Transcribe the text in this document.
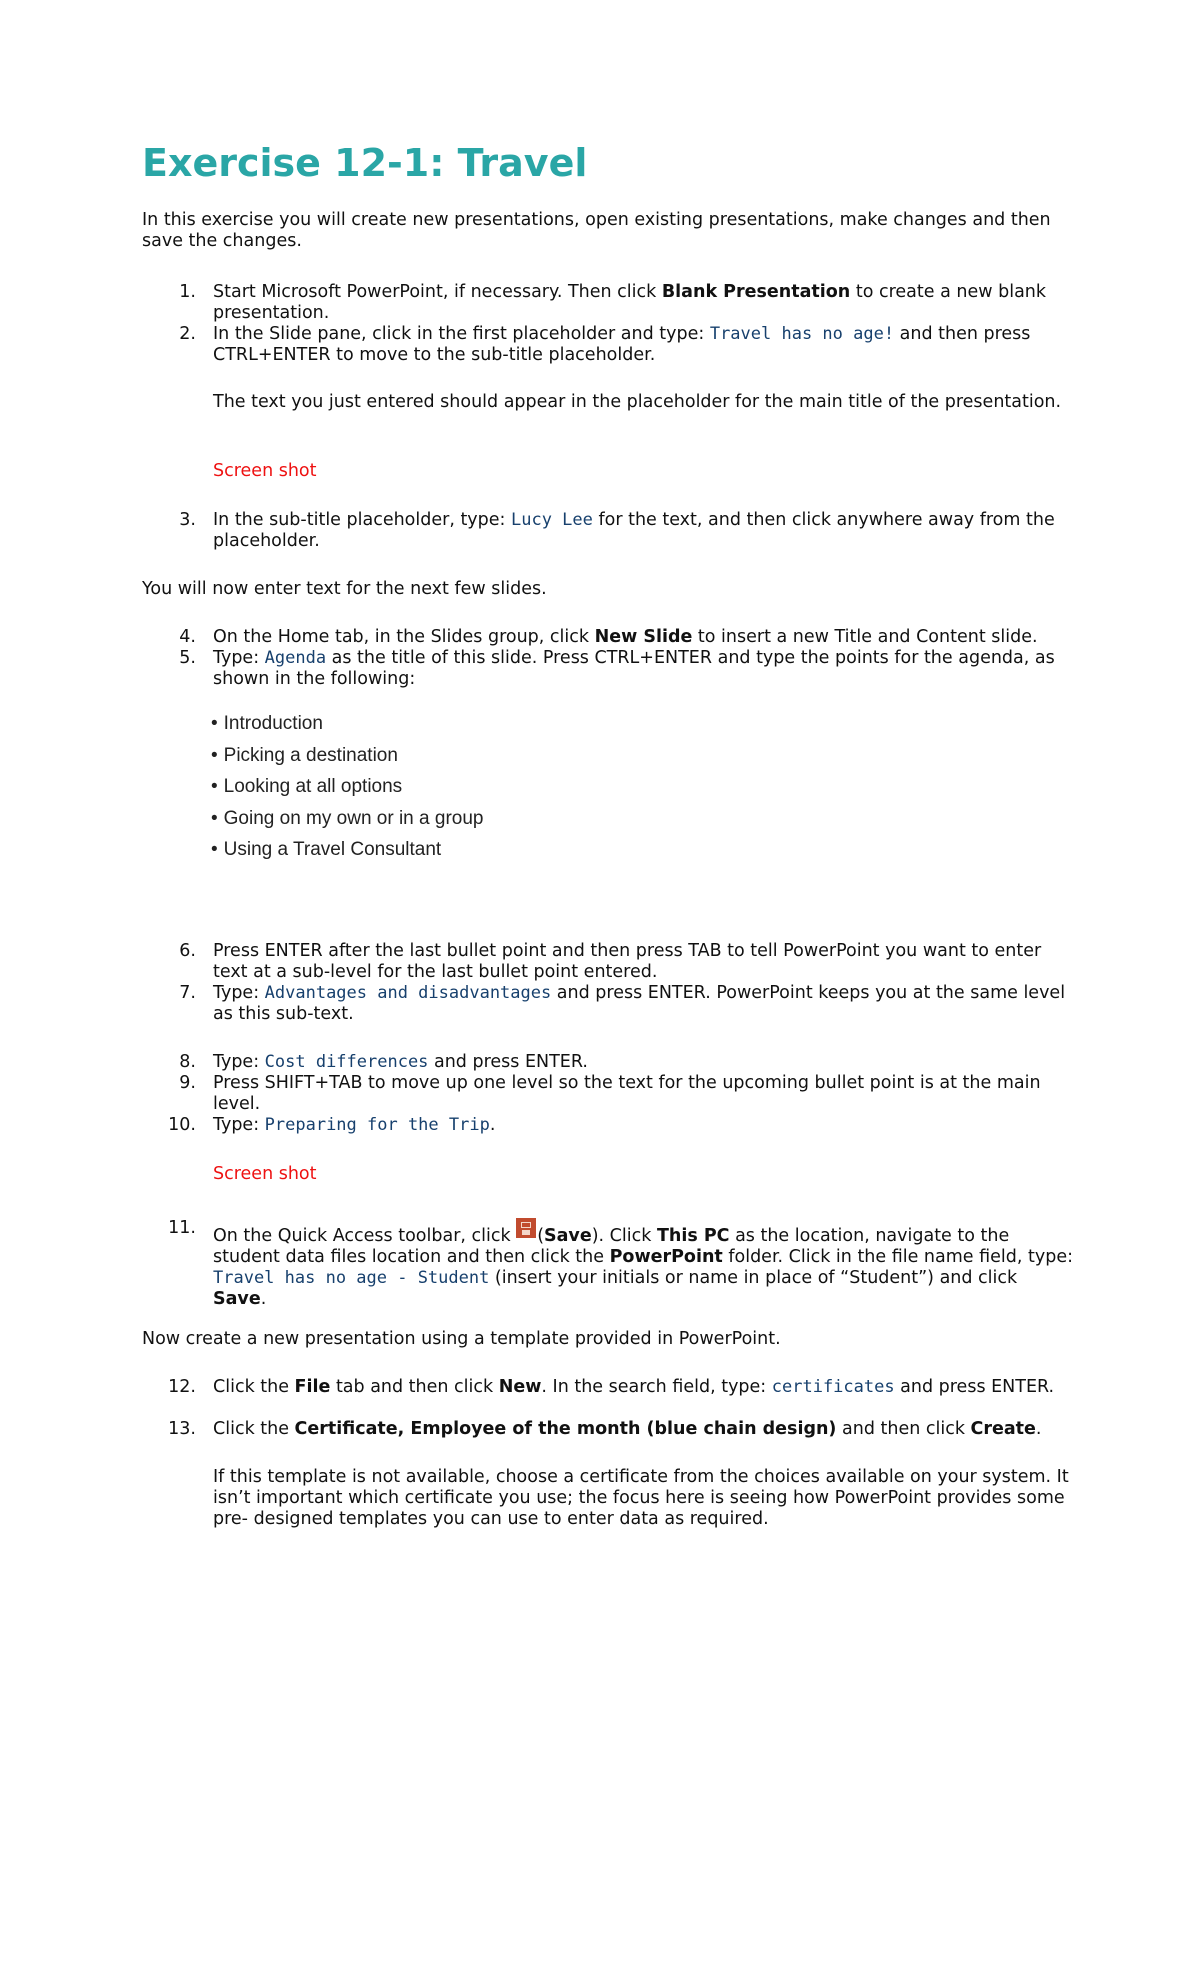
Exercise 12-1: Travel

In this exercise you will create new presentations, open existing presentations, make changes and then save the changes.

1. Start Microsoft PowerPoint, if necessary. Then click Blank Presentation to create a new blank presentation.
2. In the Slide pane, click in the first placeholder and type: Travel has no age! and then press CTRL+ENTER to move to the sub-title placeholder.

The text you just entered should appear in the placeholder for the main title of the presentation.

Screen shot

3. In the sub-title placeholder, type: Lucy Lee for the text, and then click anywhere away from the placeholder.

You will now enter text for the next few slides.

4. On the Home tab, in the Slides group, click New Slide to insert a new Title and Content slide.
5. Type: Agenda as the title of this slide. Press CTRL+ENTER and type the points for the agenda, as shown in the following:
• Introduction
• Picking a destination
• Looking at all options
• Going on my own or in a group
• Using a Travel Consultant
6. Press ENTER after the last bullet point and then press TAB to tell PowerPoint you want to enter text at a sub-level for the last bullet point entered.
7. Type: Advantages and disadvantages and press ENTER. PowerPoint keeps you at the same level as this sub-text.
8. Type: Cost differences and press ENTER.
9. Press SHIFT+TAB to move up one level so the text for the upcoming bullet point is at the main level.
10. Type: Preparing for the Trip.

Screen shot

11. On the Quick Access toolbar, click (Save). Click This PC as the location, navigate to the student data files location and then click the PowerPoint folder. Click in the file name field, type: Travel has no age - Student (insert your initials or name in place of “Student”) and click Save.

Now create a new presentation using a template provided in PowerPoint.

12. Click the File tab and then click New. In the search field, type: certificates and press ENTER.
13. Click the Certificate, Employee of the month (blue chain design) and then click Create.

If this template is not available, choose a certificate from the choices available on your system. It isn’t important which certificate you use; the focus here is seeing how PowerPoint provides some pre- designed templates you can use to enter data as required.
